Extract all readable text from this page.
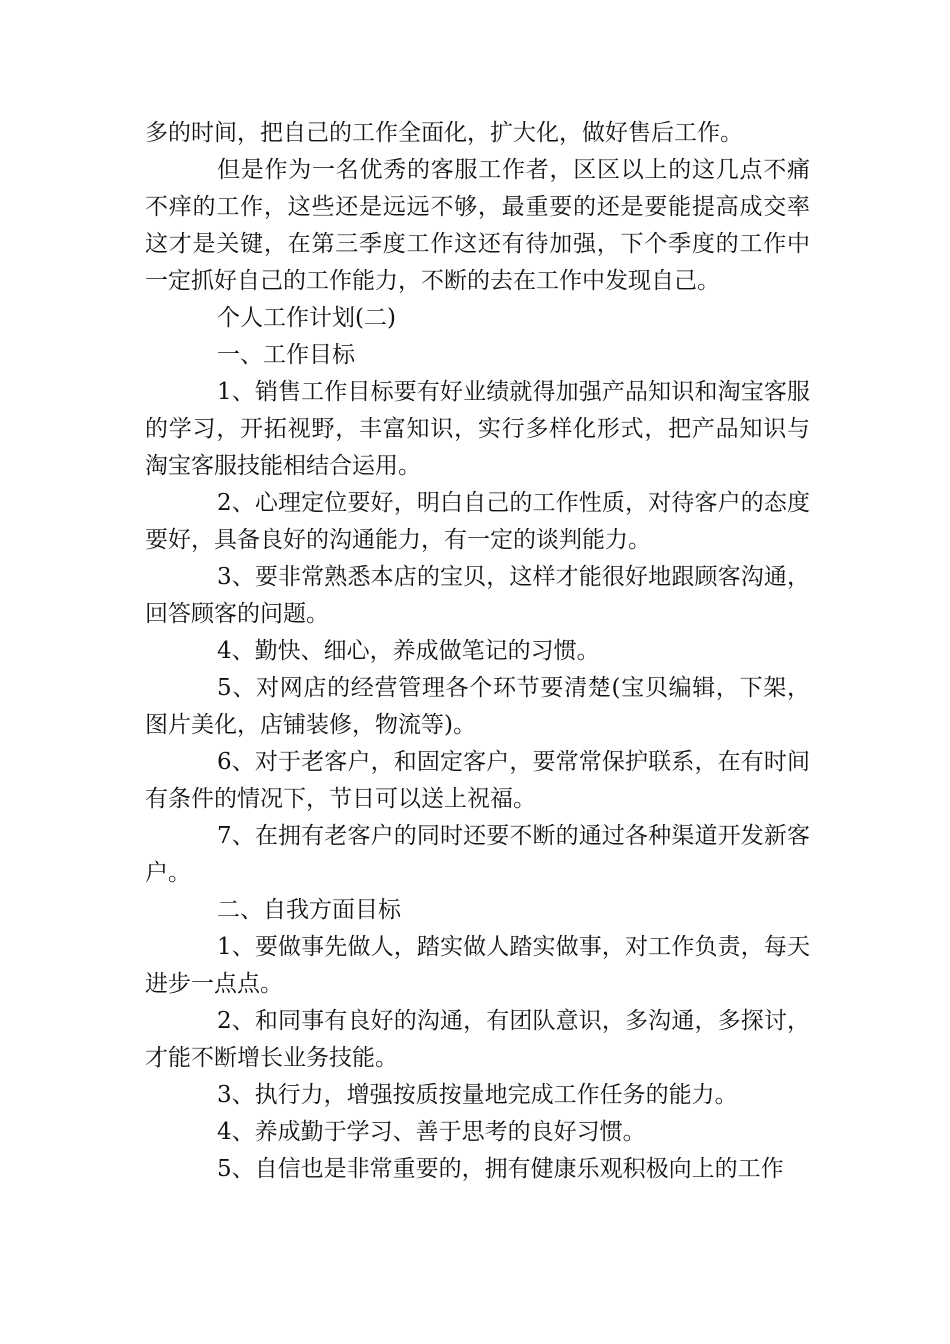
多的时间，把自己的工作全面化，扩大化，做好售后工作。

但是作为一名优秀的客服工作者，区区以上的这几点不痛不痒的工作，这些还是远远不够，最重要的还是要能提高成交率这才是关键，在第三季度工作这还有待加强，下个季度的工作中一定抓好自己的工作能力，不断的去在工作中发现自己。

个人工作计划(二)

一、工作目标

1、销售工作目标要有好业绩就得加强产品知识和淘宝客服的学习，开拓视野，丰富知识，实行多样化形式，把产品知识与淘宝客服技能相结合运用。

2、心理定位要好，明白自己的工作性质，对待客户的态度要好，具备良好的沟通能力，有一定的谈判能力。

3、要非常熟悉本店的宝贝，这样才能很好地跟顾客沟通，回答顾客的问题。

4、勤快、细心，养成做笔记的习惯。

5、对网店的经营管理各个环节要清楚(宝贝编辑，下架，图片美化，店铺装修，物流等)。

6、对于老客户，和固定客户，要常常保护联系，在有时间有条件的情况下，节日可以送上祝福。

7、在拥有老客户的同时还要不断的通过各种渠道开发新客户。

二、自我方面目标

1、要做事先做人，踏实做人踏实做事，对工作负责，每天进步一点点。

2、和同事有良好的沟通，有团队意识，多沟通，多探讨，才能不断增长业务技能。

3、执行力，增强按质按量地完成工作任务的能力。

4、养成勤于学习、善于思考的良好习惯。

5、自信也是非常重要的，拥有健康乐观积极向上的工作
